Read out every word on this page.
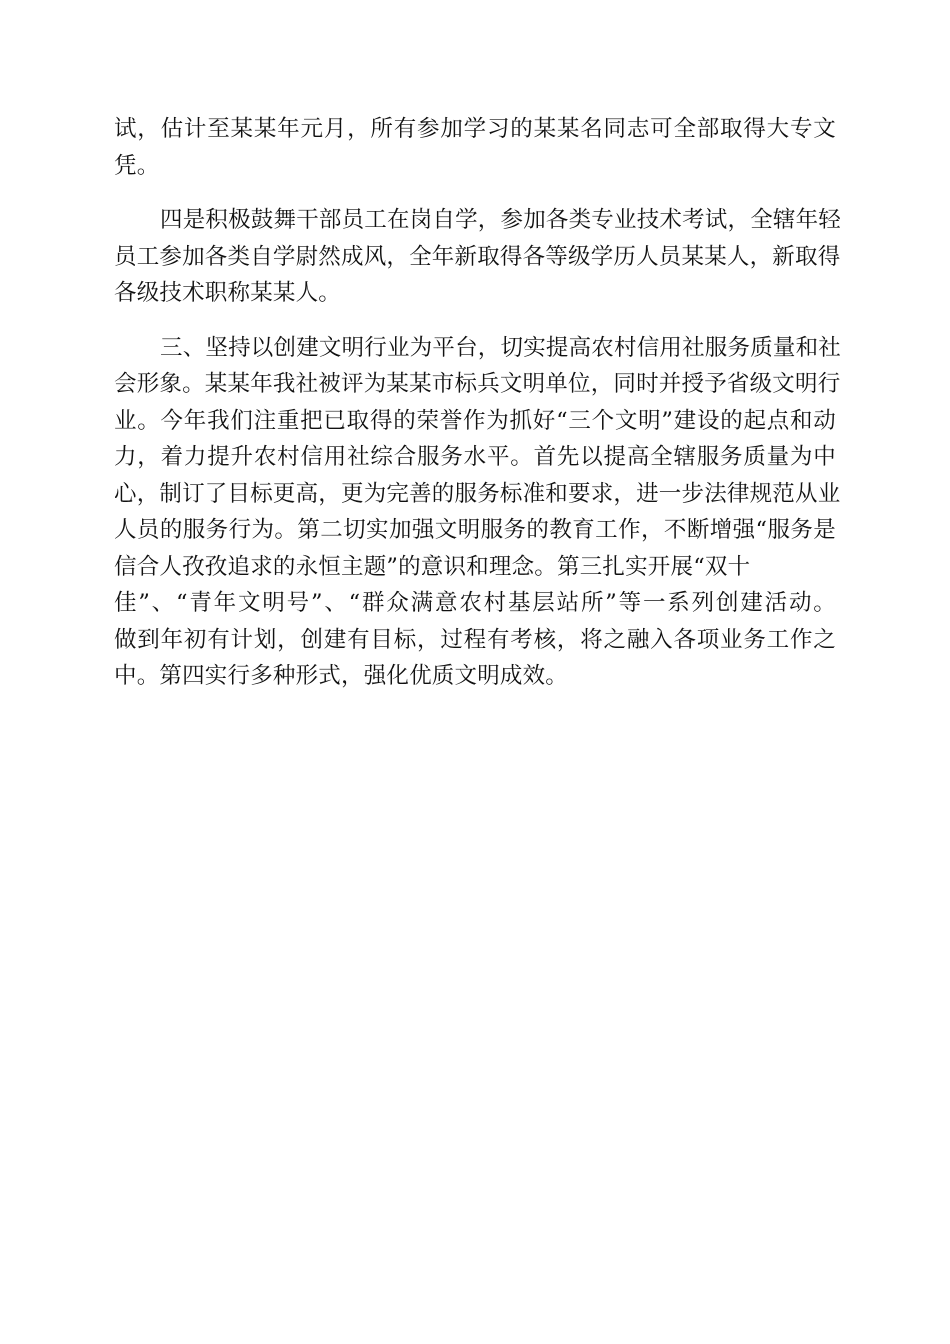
试，估计至某某年元月，所有参加学习的某某名同志可全部取得大专文
凭。

四是积极鼓舞干部员工在岗自学，参加各类专业技术考试，全辖年轻
员工参加各类自学尉然成风，全年新取得各等级学历人员某某人，新取得
各级技术职称某某人。

三、坚持以创建文明行业为平台，切实提高农村信用社服务质量和社
会形象。某某年我社被评为某某市标兵文明单位，同时并授予省级文明行
业。今年我们注重把已取得的荣誉作为抓好“三个文明”建设的起点和动
力，着力提升农村信用社综合服务水平。首先以提高全辖服务质量为中
心，制订了目标更高，更为完善的服务标准和要求，进一步法律规范从业
人员的服务行为。第二切实加强文明服务的教育工作，不断增强“服务是
信合人孜孜追求的永恒主题”的意识和理念。第三扎实开展“双十
佳”、“青年文明号”、“群众满意农村基层站所”等一系列创建活动。
做到年初有计划，创建有目标，过程有考核，将之融入各项业务工作之
中。第四实行多种形式，强化优质文明成效。
